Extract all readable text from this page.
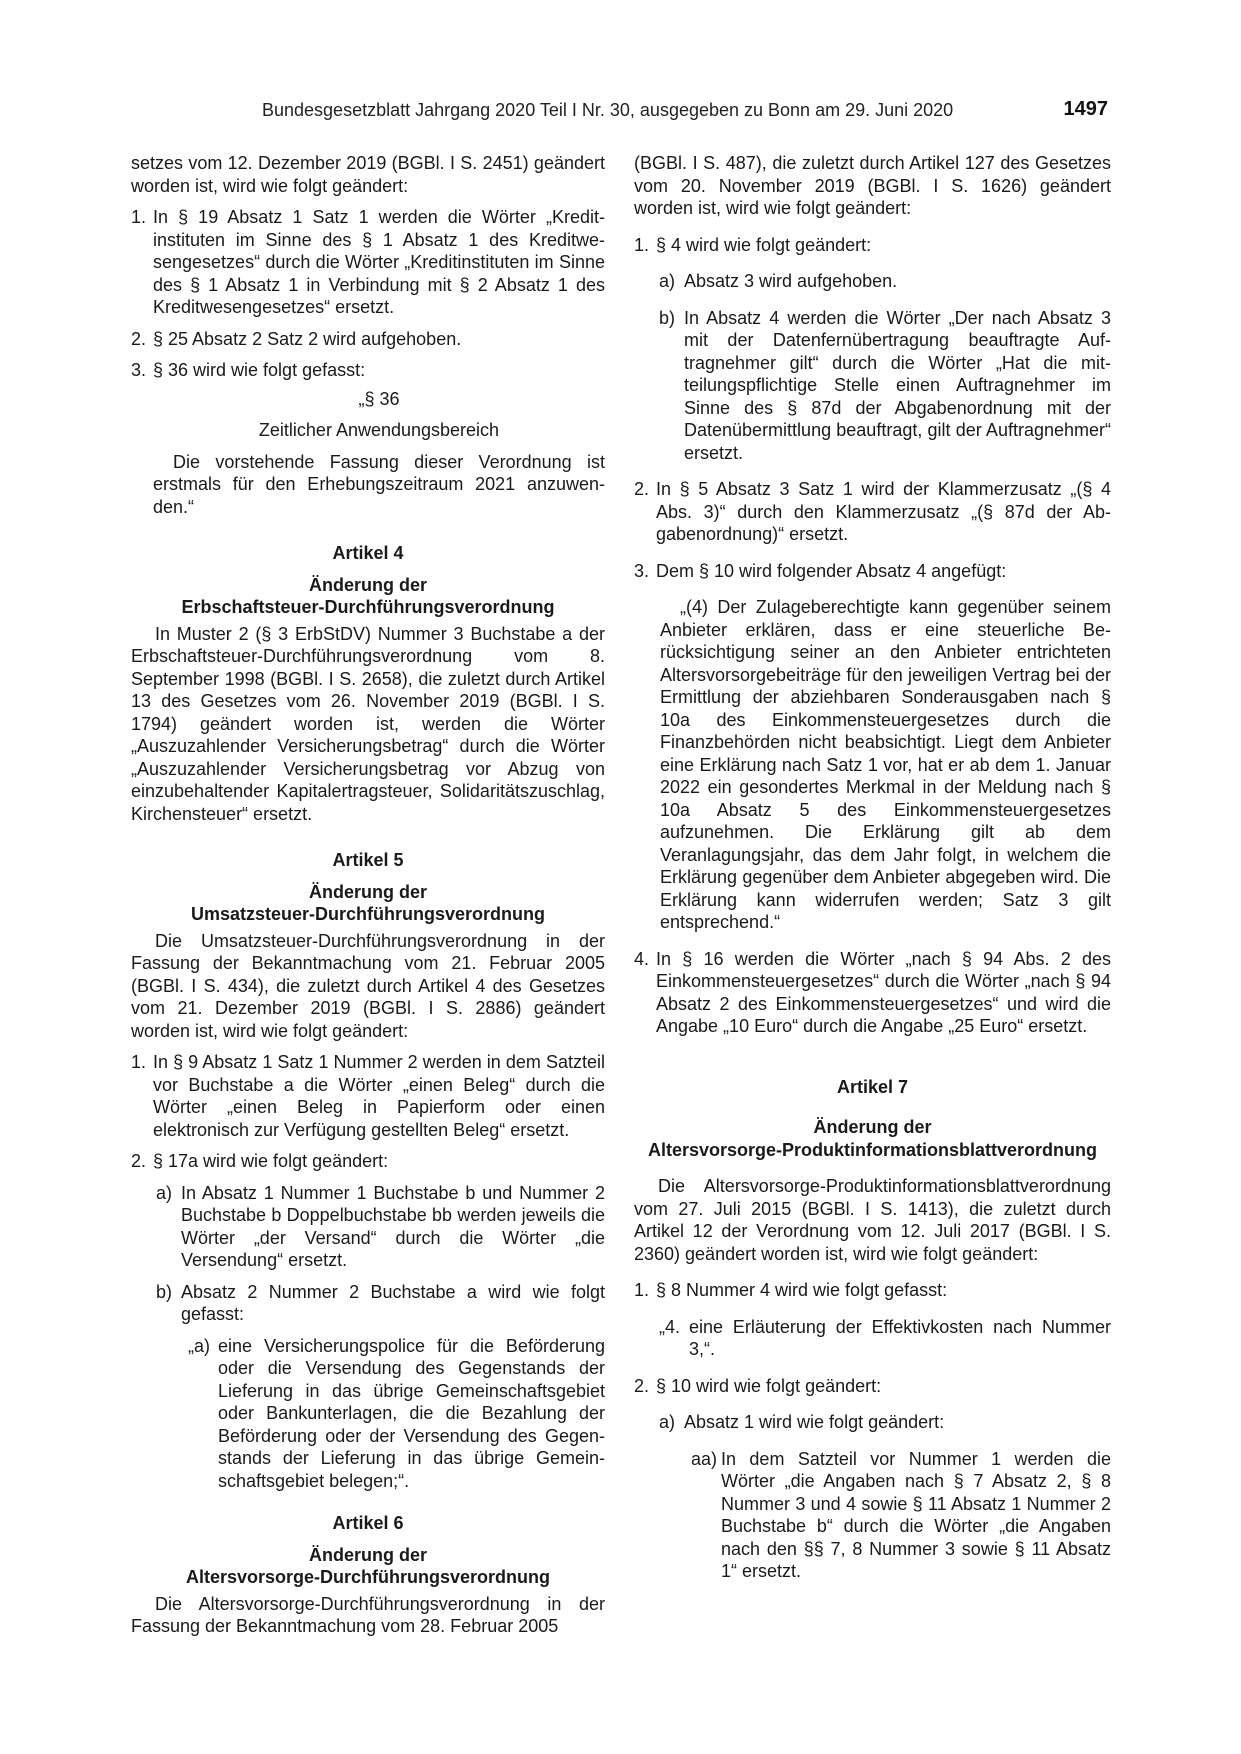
Bundesgesetzblatt Jahrgang 2020 Teil I Nr. 30, ausgegeben zu Bonn am 29. Juni 2020	1497

setzes vom 12. Dezember 2019 (BGBl. I S. 2451) geändert worden ist, wird wie folgt geändert:

1. In § 19 Absatz 1 Satz 1 werden die Wörter „Kreditinstituten im Sinne des § 1 Absatz 1 des Kreditwesengesetzes“ durch die Wörter „Kreditinstituten im Sinne des § 1 Absatz 1 in Verbindung mit § 2 Absatz 1 des Kreditwesengesetzes“ ersetzt.
2. § 25 Absatz 2 Satz 2 wird aufgehoben.
3. § 36 wird wie folgt gefasst:

„§ 36

Zeitlicher Anwendungsbereich

Die vorstehende Fassung dieser Verordnung ist erstmals für den Erhebungszeitraum 2021 anzuwenden.“

Artikel 4
Änderung der
Erbschaftsteuer-Durchführungsverordnung

In Muster 2 (§ 3 ErbStDV) Nummer 3 Buchstabe a der Erbschaftsteuer-Durchführungsverordnung vom 8. September 1998 (BGBl. I S. 2658), die zuletzt durch Artikel 13 des Gesetzes vom 26. November 2019 (BGBl. I S. 1794) geändert worden ist, werden die Wörter „Auszuzahlender Versicherungsbetrag“ durch die Wörter „Auszuzahlender Versicherungsbetrag vor Abzug von einzubehaltender Kapitalertragsteuer, Solidaritätszuschlag, Kirchensteuer“ ersetzt.

Artikel 5
Änderung der
Umsatzsteuer-Durchführungsverordnung

Die Umsatzsteuer-Durchführungsverordnung in der Fassung der Bekanntmachung vom 21. Februar 2005 (BGBl. I S. 434), die zuletzt durch Artikel 4 des Gesetzes vom 21. Dezember 2019 (BGBl. I S. 2886) geändert worden ist, wird wie folgt geändert:

1. In § 9 Absatz 1 Satz 1 Nummer 2 werden in dem Satzteil vor Buchstabe a die Wörter „einen Beleg“ durch die Wörter „einen Beleg in Papierform oder einen elektronisch zur Verfügung gestellten Beleg“ ersetzt.
2. § 17a wird wie folgt geändert:
a) In Absatz 1 Nummer 1 Buchstabe b und Nummer 2 Buchstabe b Doppelbuchstabe bb werden jeweils die Wörter „der Versand“ durch die Wörter „die Versendung“ ersetzt.
b) Absatz 2 Nummer 2 Buchstabe a wird wie folgt gefasst:
„a) eine Versicherungspolice für die Beförderung oder die Versendung des Gegenstands der Lieferung in das übrige Gemeinschaftsgebiet oder Bankunterlagen, die die Bezahlung der Beförderung oder der Versendung des Gegenstands der Lieferung in das übrige Gemeinschaftsgebiet belegen;“.
Artikel 6
Änderung der
Altersvorsorge-Durchführungsverordnung

Die Altersvorsorge-Durchführungsverordnung in der Fassung der Bekanntmachung vom 28. Februar 2005

(BGBl. I S. 487), die zuletzt durch Artikel 127 des Gesetzes vom 20. November 2019 (BGBl. I S. 1626) geändert worden ist, wird wie folgt geändert:

1. § 4 wird wie folgt geändert:
a) Absatz 3 wird aufgehoben.
b) In Absatz 4 werden die Wörter „Der nach Absatz 3 mit der Datenfernübertragung beauftragte Auftragnehmer gilt“ durch die Wörter „Hat die mitteilungspflichtige Stelle einen Auftragnehmer im Sinne des § 87d der Abgabenordnung mit der Datenübermittlung beauftragt, gilt der Auftragnehmer“ ersetzt.
2. In § 5 Absatz 3 Satz 1 wird der Klammerzusatz „(§ 4 Abs. 3)“ durch den Klammerzusatz „(§ 87d der Abgabenordnung)“ ersetzt.
3. Dem § 10 wird folgender Absatz 4 angefügt:

„(4) Der Zulageberechtigte kann gegenüber seinem Anbieter erklären, dass er eine steuerliche Berücksichtigung seiner an den Anbieter entrichteten Altersvorsorgebeiträge für den jeweiligen Vertrag bei der Ermittlung der abziehbaren Sonderausgaben nach § 10a des Einkommensteuergesetzes durch die Finanzbehörden nicht beabsichtigt. Liegt dem Anbieter eine Erklärung nach Satz 1 vor, hat er ab dem 1. Januar 2022 ein gesondertes Merkmal in der Meldung nach § 10a Absatz 5 des Einkommensteuergesetzes aufzunehmen. Die Erklärung gilt ab dem Veranlagungsjahr, das dem Jahr folgt, in welchem die Erklärung gegenüber dem Anbieter abgegeben wird. Die Erklärung kann widerrufen werden; Satz 3 gilt entsprechend.“

4. In § 16 werden die Wörter „nach § 94 Abs. 2 des Einkommensteuergesetzes“ durch die Wörter „nach § 94 Absatz 2 des Einkommensteuergesetzes“ und wird die Angabe „10 Euro“ durch die Angabe „25 Euro“ ersetzt.
Artikel 7
Änderung der
Altersvorsorge-Produktinformationsblattverordnung

Die Altersvorsorge-Produktinformationsblattverordnung vom 27. Juli 2015 (BGBl. I S. 1413), die zuletzt durch Artikel 12 der Verordnung vom 12. Juli 2017 (BGBl. I S. 2360) geändert worden ist, wird wie folgt geändert:

1. § 8 Nummer 4 wird wie folgt gefasst:
„4. eine Erläuterung der Effektivkosten nach Nummer 3,“.
2. § 10 wird wie folgt geändert:
a) Absatz 1 wird wie folgt geändert:
aa) In dem Satzteil vor Nummer 1 werden die Wörter „die Angaben nach § 7 Absatz 2, § 8 Nummer 3 und 4 sowie § 11 Absatz 1 Nummer 2 Buchstabe b“ durch die Wörter „die Angaben nach den §§ 7, 8 Nummer 3 sowie § 11 Absatz 1“ ersetzt.
